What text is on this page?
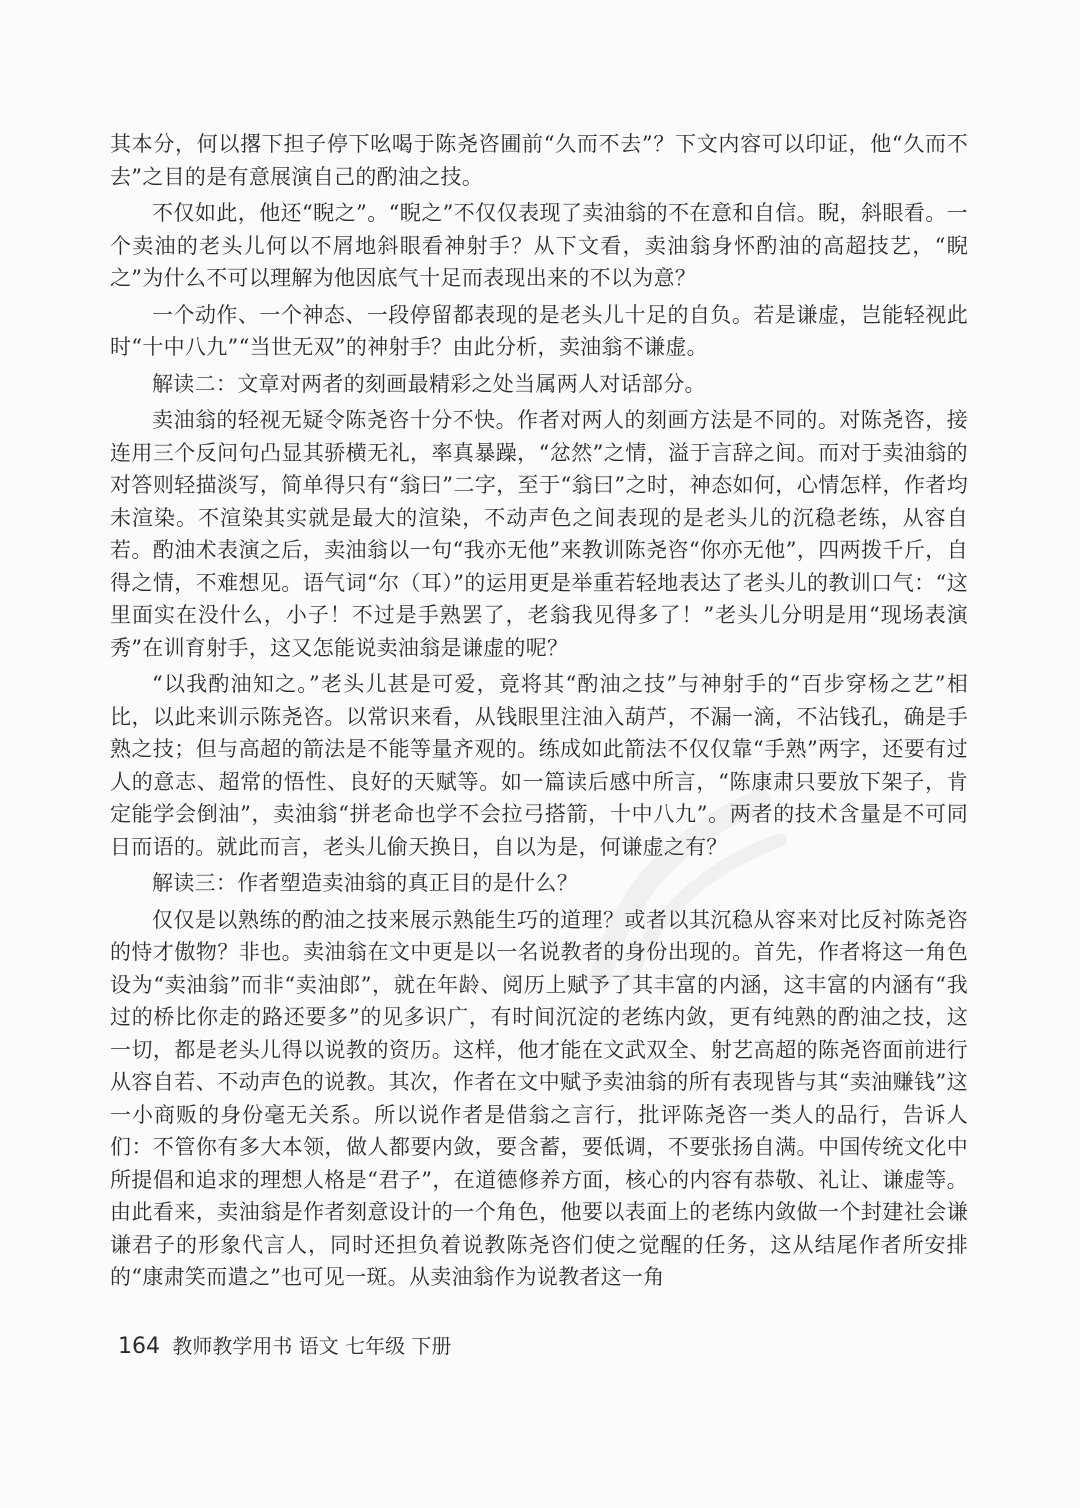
其本分，何以撂下担子停下吆喝于陈尧咨圃前“久而不去”？下文内容可以印证，他“久而不去”之目的是有意展演自己的酌油之技。

不仅如此，他还“睨之”。“睨之”不仅仅表现了卖油翁的不在意和自信。睨，斜眼看。一个卖油的老头儿何以不屑地斜眼看神射手？从下文看，卖油翁身怀酌油的高超技艺，“睨之”为什么不可以理解为他因底气十足而表现出来的不以为意？

一个动作、一个神态、一段停留都表现的是老头儿十足的自负。若是谦虚，岂能轻视此时“十中八九”“当世无双”的神射手？由此分析，卖油翁不谦虚。

解读二：文章对两者的刻画最精彩之处当属两人对话部分。

卖油翁的轻视无疑令陈尧咨十分不快。作者对两人的刻画方法是不同的。对陈尧咨，接连用三个反问句凸显其骄横无礼，率真暴躁，“忿然”之情，溢于言辞之间。而对于卖油翁的对答则轻描淡写，简单得只有“翁曰”二字，至于“翁曰”之时，神态如何，心情怎样，作者均未渲染。不渲染其实就是最大的渲染，不动声色之间表现的是老头儿的沉稳老练，从容自若。酌油术表演之后，卖油翁以一句“我亦无他”来教训陈尧咨“你亦无他”，四两拨千斤，自得之情，不难想见。语气词“尔（耳）”的运用更是举重若轻地表达了老头儿的教训口气：“这里面实在没什么，小子！不过是手熟罢了，老翁我见得多了！”老头儿分明是用“现场表演秀”在训育射手，这又怎能说卖油翁是谦虚的呢？

“以我酌油知之。”老头儿甚是可爱，竟将其“酌油之技”与神射手的“百步穿杨之艺”相比，以此来训示陈尧咨。以常识来看，从钱眼里注油入葫芦，不漏一滴，不沾钱孔，确是手熟之技；但与高超的箭法是不能等量齐观的。练成如此箭法不仅仅靠“手熟”两字，还要有过人的意志、超常的悟性、良好的天赋等。如一篇读后感中所言，“陈康肃只要放下架子，肯定能学会倒油”，卖油翁“拼老命也学不会拉弓搭箭，十中八九”。两者的技术含量是不可同日而语的。就此而言，老头儿偷天换日，自以为是，何谦虚之有？

解读三：作者塑造卖油翁的真正目的是什么？

仅仅是以熟练的酌油之技来展示熟能生巧的道理？或者以其沉稳从容来对比反衬陈尧咨的恃才傲物？非也。卖油翁在文中更是以一名说教者的身份出现的。首先，作者将这一角色设为“卖油翁”而非“卖油郎”，就在年龄、阅历上赋予了其丰富的内涵，这丰富的内涵有“我过的桥比你走的路还要多”的见多识广，有时间沉淀的老练内敛，更有纯熟的酌油之技，这一切，都是老头儿得以说教的资历。这样，他才能在文武双全、射艺高超的陈尧咨面前进行从容自若、不动声色的说教。其次，作者在文中赋予卖油翁的所有表现皆与其“卖油赚钱”这一小商贩的身份毫无关系。所以说作者是借翁之言行，批评陈尧咨一类人的品行，告诉人们：不管你有多大本领，做人都要内敛，要含蓄，要低调，不要张扬自满。中国传统文化中所提倡和追求的理想人格是“君子”，在道德修养方面，核心的内容有恭敬、礼让、谦虚等。由此看来，卖油翁是作者刻意设计的一个角色，他要以表面上的老练内敛做一个封建社会谦谦君子的形象代言人，同时还担负着说教陈尧咨们使之觉醒的任务，这从结尾作者所安排的“康肃笑而遣之”也可见一斑。从卖油翁作为说教者这一角

164 教师教学用书 语文 七年级 下册
